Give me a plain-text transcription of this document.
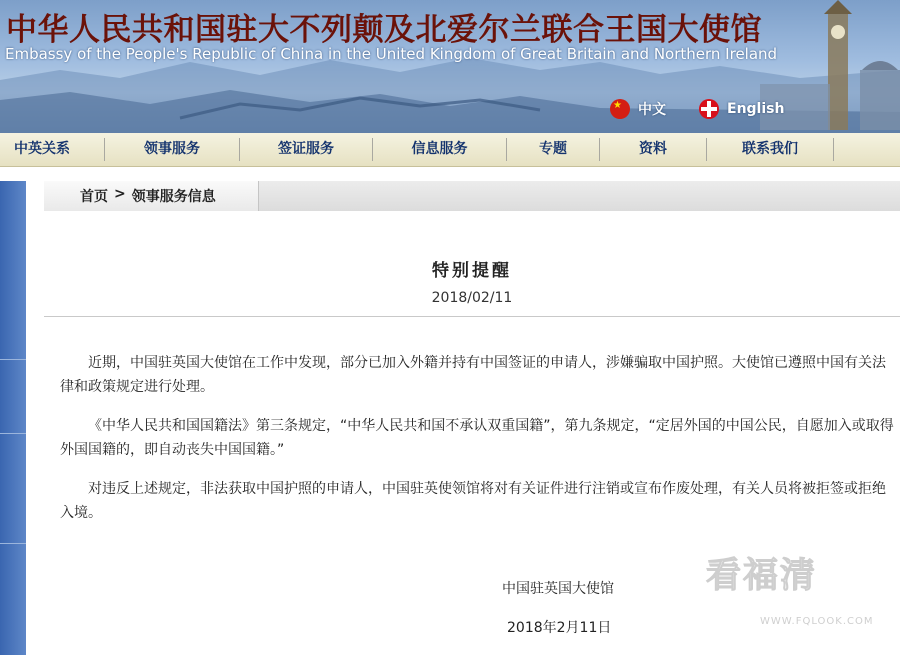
中华人民共和国驻大不列颠及北爱尔兰联合王国大使馆

Embassy of the People's Republic of China in the United Kingdom of Great Britain and Northern Ireland

★
中文	English
中英关系	领事服务	签证服务	信息服务	专题	资料	联系我们
首页 > 领事服务信息
特别提醒
2018/02/11

近期，中国驻英国大使馆在工作中发现，部分已加入外籍并持有中国签证的申请人，涉嫌骗取中国护照。大使馆已遵照中国有关法律和政策规定进行处理。

《中华人民共和国国籍法》第三条规定，“中华人民共和国不承认双重国籍”，第九条规定，“定居外国的中国公民，自愿加入或取得外国国籍的，即自动丧失中国国籍。”

对违反上述规定，非法获取中国护照的申请人，中国驻英使领馆将对有关证件进行注销或宣布作废处理，有关人员将被拒签或拒绝入境。

中国驻英国大使馆
2018年2月11日
看福清
WWW.FQLOOK.COM
